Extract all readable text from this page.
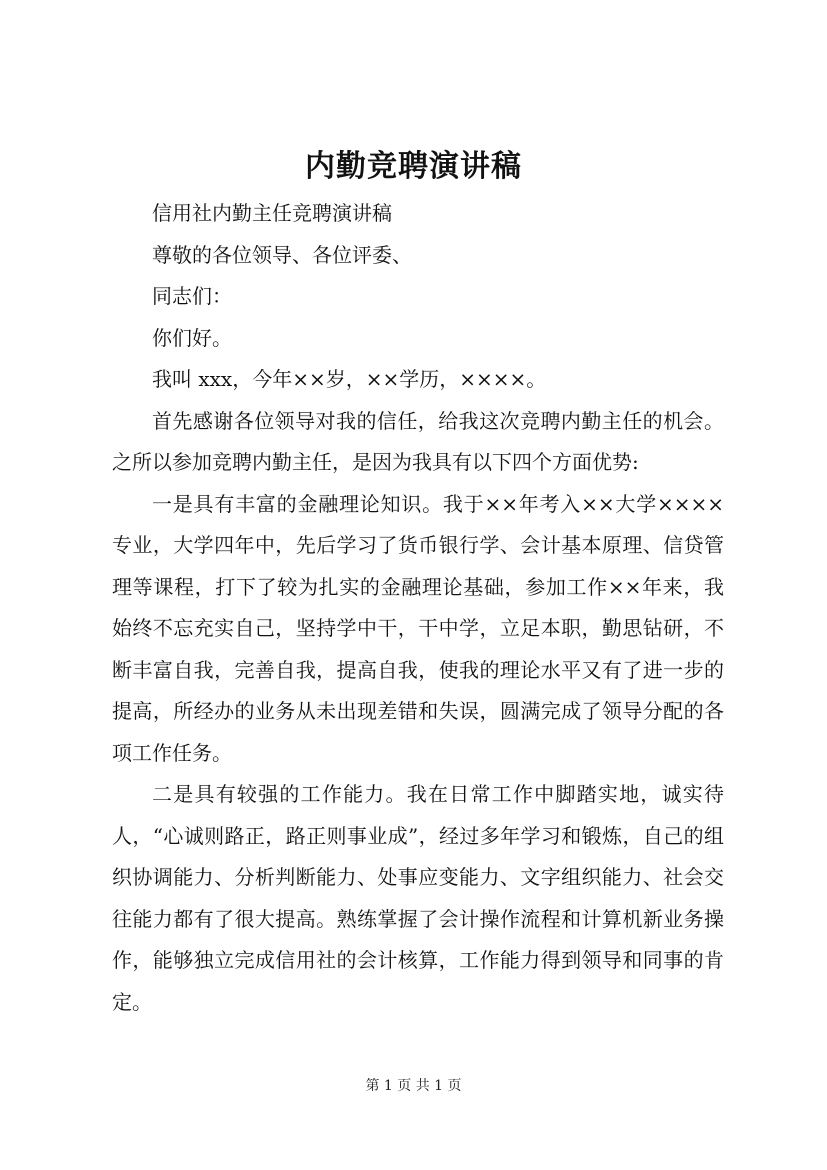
内勤竞聘演讲稿

信用社内勤主任竞聘演讲稿

尊敬的各位领导、各位评委、

同志们：

你们好。

我叫 xxx，今年××岁，××学历，××××。

首先感谢各位领导对我的信任，给我这次竞聘内勤主任的机会。之所以参加竞聘内勤主任，是因为我具有以下四个方面优势:

一是具有丰富的金融理论知识。我于××年考入××大学××××专业，大学四年中，先后学习了货币银行学、会计基本原理、信贷管理等课程，打下了较为扎实的金融理论基础，参加工作××年来，我始终不忘充实自己，坚持学中干，干中学，立足本职，勤思钻研，不断丰富自我，完善自我，提高自我，使我的理论水平又有了进一步的提高，所经办的业务从未出现差错和失误，圆满完成了领导分配的各项工作任务。

二是具有较强的工作能力。我在日常工作中脚踏实地，诚实待人，“心诚则路正，路正则事业成”，经过多年学习和锻炼，自己的组织协调能力、分析判断能力、处事应变能力、文字组织能力、社会交往能力都有了很大提高。熟练掌握了会计操作流程和计算机新业务操作，能够独立完成信用社的会计核算，工作能力得到领导和同事的肯定。

第 1 页 共 1 页
